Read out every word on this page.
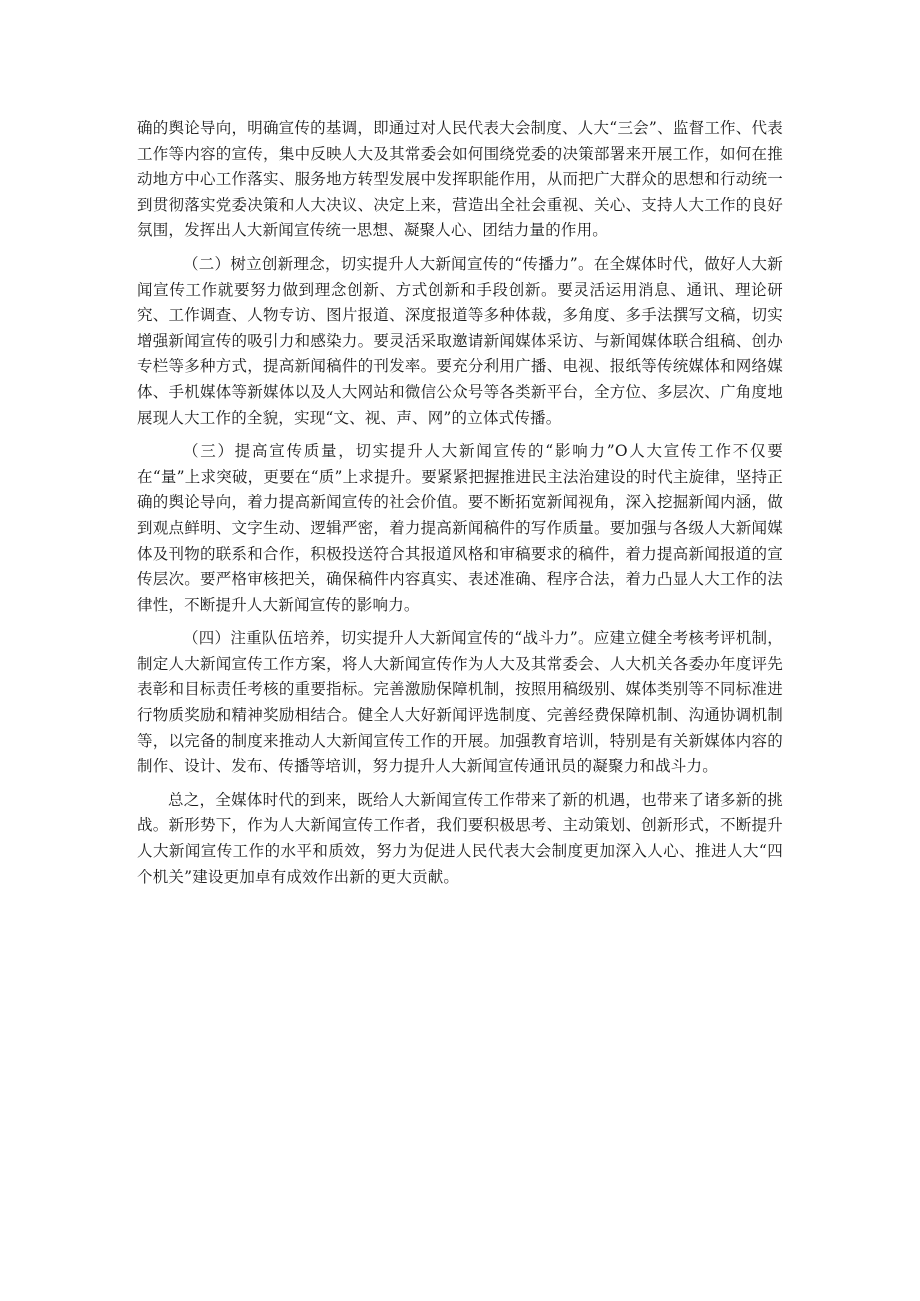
确的舆论导向，明确宣传的基调，即通过对人民代表大会制度、人大“三会”、监督工作、代表工作等内容的宣传，集中反映人大及其常委会如何围绕党委的决策部署来开展工作，如何在推动地方中心工作落实、服务地方转型发展中发挥职能作用，从而把广大群众的思想和行动统一到贯彻落实党委决策和人大决议、决定上来，营造出全社会重视、关心、支持人大工作的良好氛围，发挥出人大新闻宣传统一思想、凝聚人心、团结力量的作用。

（二）树立创新理念，切实提升人大新闻宣传的“传播力”。在全媒体时代，做好人大新闻宣传工作就要努力做到理念创新、方式创新和手段创新。要灵活运用消息、通讯、理论研究、工作调查、人物专访、图片报道、深度报道等多种体裁，多角度、多手法撰写文稿，切实增强新闻宣传的吸引力和感染力。要灵活采取邀请新闻媒体采访、与新闻媒体联合组稿、创办专栏等多种方式，提高新闻稿件的刊发率。要充分利用广播、电视、报纸等传统媒体和网络媒体、手机媒体等新媒体以及人大网站和微信公众号等各类新平台，全方位、多层次、广角度地展现人大工作的全貌，实现“文、视、声、网”的立体式传播。

（三）提高宣传质量，切实提升人大新闻宣传的“影响力”O人大宣传工作不仅要在“量”上求突破，更要在“质”上求提升。要紧紧把握推进民主法治建设的时代主旋律，坚持正确的舆论导向，着力提高新闻宣传的社会价值。要不断拓宽新闻视角，深入挖掘新闻内涵，做到观点鲜明、文字生动、逻辑严密，着力提高新闻稿件的写作质量。要加强与各级人大新闻媒体及刊物的联系和合作，积极投送符合其报道风格和审稿要求的稿件，着力提高新闻报道的宣传层次。要严格审核把关，确保稿件内容真实、表述准确、程序合法，着力凸显人大工作的法律性，不断提升人大新闻宣传的影响力。

（四）注重队伍培养，切实提升人大新闻宣传的“战斗力”。应建立健全考核考评机制，制定人大新闻宣传工作方案，将人大新闻宣传作为人大及其常委会、人大机关各委办年度评先表彰和目标责任考核的重要指标。完善激励保障机制，按照用稿级别、媒体类别等不同标准进行物质奖励和精神奖励相结合。健全人大好新闻评选制度、完善经费保障机制、沟通协调机制等，以完备的制度来推动人大新闻宣传工作的开展。加强教育培训，特别是有关新媒体内容的制作、设计、发布、传播等培训，努力提升人大新闻宣传通讯员的凝聚力和战斗力。

总之，全媒体时代的到来，既给人大新闻宣传工作带来了新的机遇，也带来了诸多新的挑战。新形势下，作为人大新闻宣传工作者，我们要积极思考、主动策划、创新形式，不断提升人大新闻宣传工作的水平和质效，努力为促进人民代表大会制度更加深入人心、推进人大“四个机关”建设更加卓有成效作出新的更大贡献。
